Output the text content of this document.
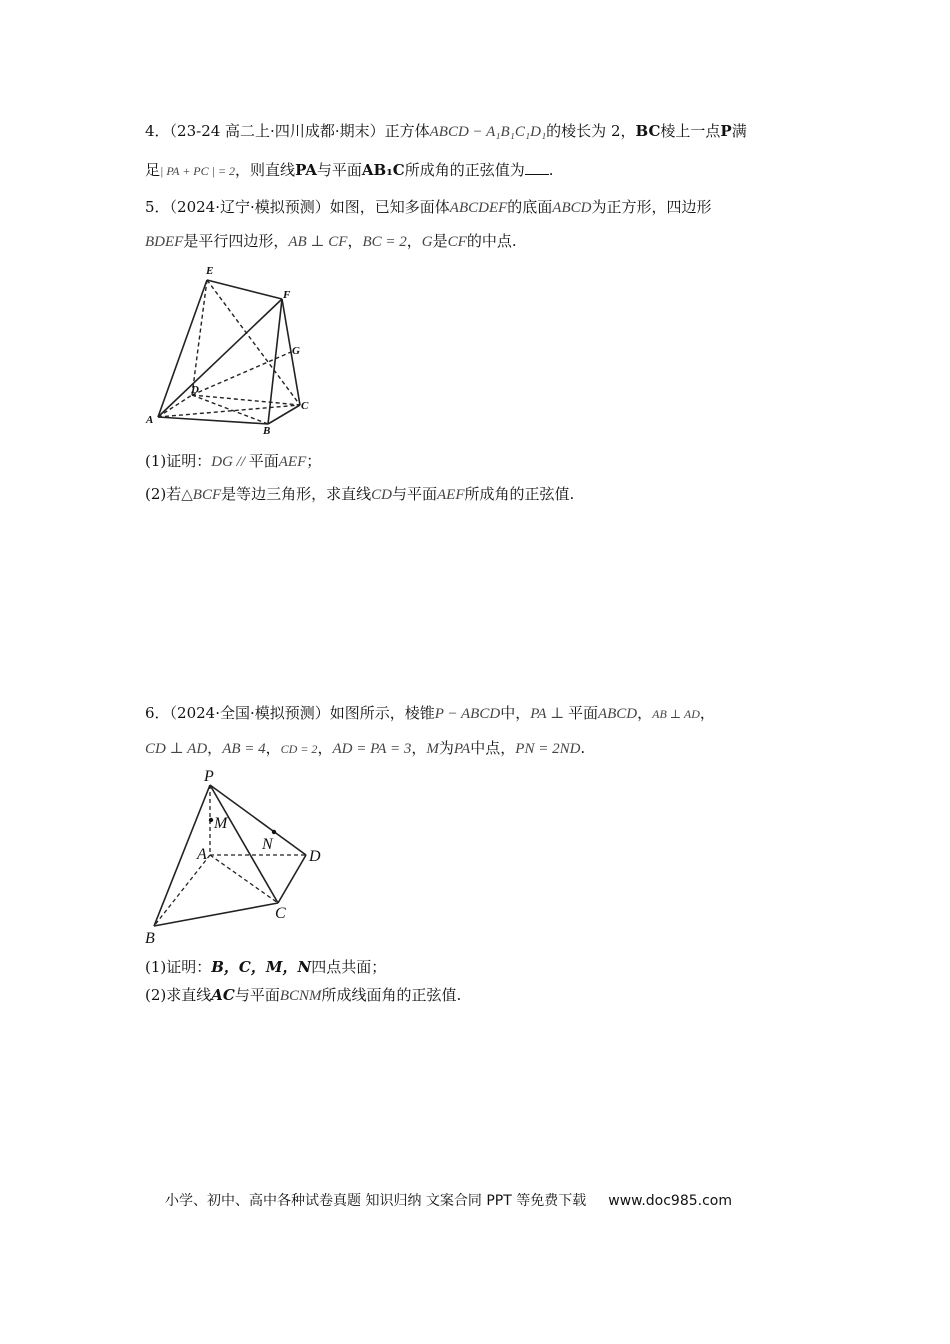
4．（23-24 高二上·四川成都·期末）正方体ABCD − A₁B₁C₁D₁的棱长为 2，BC棱上一点P满
足| PA + PC | = 2，则直线PA与平面AB₁C所成角的正弦值为 .
5．（2024·辽宁·模拟预测）如图，已知多面体ABCDEF的底面ABCD为正方形，四边形
BDEF是平行四边形，AB ⊥ CF，BC = 2，G是CF的中点.
E
F
G
D
A
B
C
(1)证明：DG // 平面AEF；
(2)若△BCF是等边三角形，求直线CD与平面AEF所成角的正弦值.
6．（2024·全国·模拟预测）如图所示，棱锥P − ABCD中，PA ⊥ 平面ABCD，AB ⊥ AD，
CD ⊥ AD，AB = 4，CD = 2，AD = PA = 3，M为PA中点，PN = 2ND.
P
M
N
A	D
C
B
(1)证明：B，C，M，N四点共面；
(2)求直线AC与平面BCNM所成线面角的正弦值.
小学、初中、高中各种试卷真题 知识归纳 文案合同 PPT 等免费下载 www.doc985.com
